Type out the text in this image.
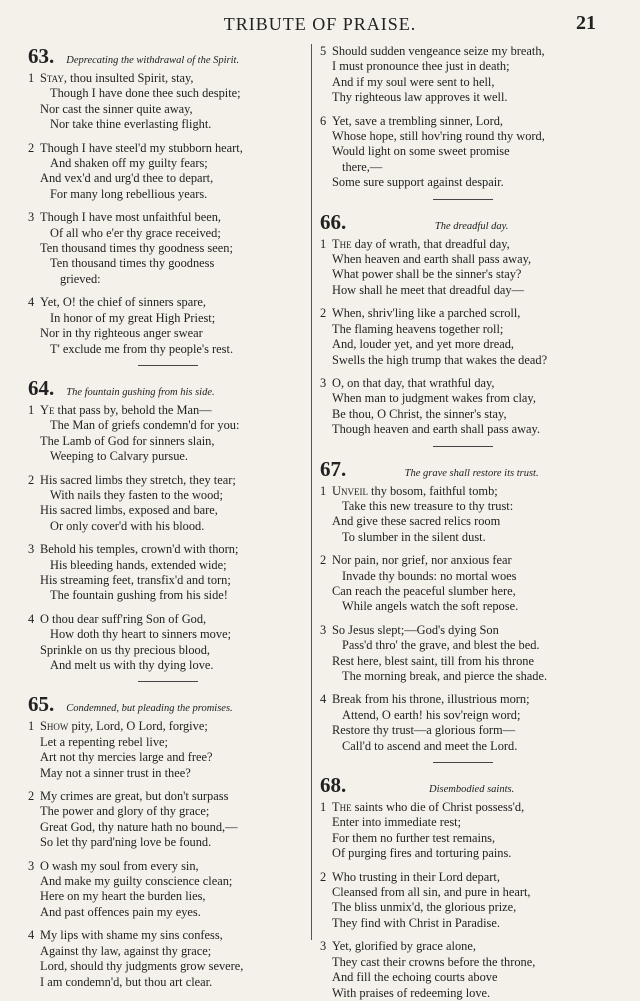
TRIBUTE OF PRAISE.	21
63. Deprecating the withdrawal of the Spirit.
1 Stay, thou insulted Spirit, stay,
Though I have done thee such despite;
Nor cast the sinner quite away,
Nor take thine everlasting flight.
2 Though I have steel'd my stubborn heart,
And shaken off my guilty fears;
And vex'd and urg'd thee to depart,
For many long rebellious years.
3 Though I have most unfaithful been,
Of all who e'er thy grace received;
Ten thousand times thy goodness seen;
Ten thousand times thy goodness
grieved:
4 Yet, O! the chief of sinners spare,
In honor of my great High Priest;
Nor in thy righteous anger swear
T' exclude me from thy people's rest.
64. The fountain gushing from his side.
1 Ye that pass by, behold the Man—
The Man of griefs condemn'd for you:
The Lamb of God for sinners slain,
Weeping to Calvary pursue.
2 His sacred limbs they stretch, they tear;
With nails they fasten to the wood;
His sacred limbs, exposed and bare,
Or only cover'd with his blood.
3 Behold his temples, crown'd with thorn;
His bleeding hands, extended wide;
His streaming feet, transfix'd and torn;
The fountain gushing from his side!
4 O thou dear suff'ring Son of God,
How doth thy heart to sinners move;
Sprinkle on us thy precious blood,
And melt us with thy dying love.
65. Condemned, but pleading the promises.
1 Show pity, Lord, O Lord, forgive;
Let a repenting rebel live;
Art not thy mercies large and free?
May not a sinner trust in thee?
2 My crimes are great, but don't surpass
The power and glory of thy grace;
Great God, thy nature hath no bound,—
So let thy pard'ning love be found.
3 O wash my soul from every sin,
And make my guilty conscience clean;
Here on my heart the burden lies,
And past offences pain my eyes.
4 My lips with shame my sins confess,
Against thy law, against thy grace;
Lord, should thy judgments grow severe,
I am condemn'd, but thou art clear.
5 Should sudden vengeance seize my breath,
I must pronounce thee just in death;
And if my soul were sent to hell,
Thy righteous law approves it well.
6 Yet, save a trembling sinner, Lord,
Whose hope, still hov'ring round thy word,
Would light on some sweet promise
there,—
Some sure support against despair.
66.	The dreadful day.
1 The day of wrath, that dreadful day,
When heaven and earth shall pass away,
What power shall be the sinner's stay?
How shall he meet that dreadful day—
2 When, shriv'ling like a parched scroll,
The flaming heavens together roll;
And, louder yet, and yet more dread,
Swells the high trump that wakes the dead?
3 O, on that day, that wrathful day,
When man to judgment wakes from clay,
Be thou, O Christ, the sinner's stay,
Though heaven and earth shall pass away.
67.	The grave shall restore its trust.
1 Unveil thy bosom, faithful tomb;
Take this new treasure to thy trust:
And give these sacred relics room
To slumber in the silent dust.
2 Nor pain, nor grief, nor anxious fear
Invade thy bounds: no mortal woes
Can reach the peaceful slumber here,
While angels watch the soft repose.
3 So Jesus slept;—God's dying Son
Pass'd thro' the grave, and blest the bed.
Rest here, blest saint, till from his throne
The morning break, and pierce the shade.
4 Break from his throne, illustrious morn;
Attend, O earth! his sov'reign word;
Restore thy trust—a glorious form—
Call'd to ascend and meet the Lord.
68.	Disembodied saints.
1 The saints who die of Christ possess'd,
Enter into immediate rest;
For them no further test remains,
Of purging fires and torturing pains.
2 Who trusting in their Lord depart,
Cleansed from all sin, and pure in heart,
The bliss unmix'd, the glorious prize,
They find with Christ in Paradise.
3 Yet, glorified by grace alone,
They cast their crowns before the throne,
And fill the echoing courts above
With praises of redeeming love.
